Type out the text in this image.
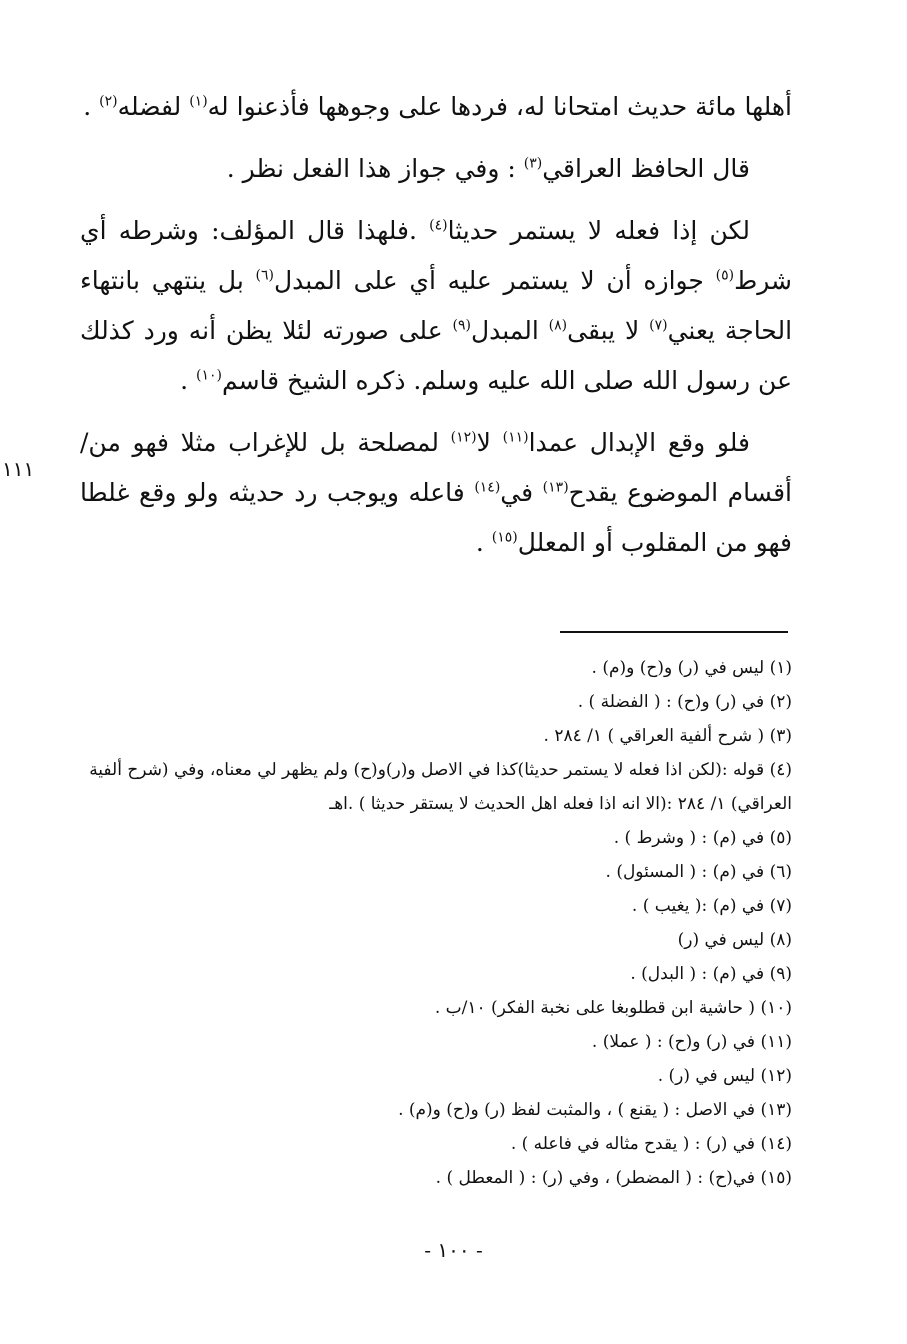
١١١

أهلها مائة حديث امتحانا له، فردها على وجوهها فأذعنوا له$^{(١)}$ لفضله$^{(٢)}$ .

قال الحافظ العراقي$^{(٣)}$ : وفي جواز هذا الفعل نظر .

لكن إذا فعله لا يستمر حديثا$^{(٤)}$ .فلهذا قال المؤلف: وشرطه أي شرط$^{(٥)}$ جوازه أن لا يستمر عليه أي على المبدل$^{(٦)}$ بل ينتهي بانتهاء الحاجة يعني$^{(٧)}$ لا يبقى$^{(٨)}$ المبدل$^{(٩)}$ على صورته لئلا يظن أنه ورد كذلك عن رسول الله صلى الله عليه وسلم. ذكره الشيخ قاسم$^{(١٠)}$ .

فلو وقع الإبدال عمدا$^{(١١)}$ لا$^{(١٢)}$ لمصلحة بل للإغراب مثلا فهو من/ أقسام الموضوع يقدح$^{(١٣)}$ في$^{(١٤)}$ فاعله ويوجب رد حديثه ولو وقع غلطا فهو من المقلوب أو المعلل$^{(١٥)}$ .

(١) ليس في (ر) و(ح) و(م) .
(٢) في (ر) و(ح) : ( الفضلة ) .
(٣) ( شرح ألفية العراقي ) ١/ ٢٨٤ .
(٤) قوله :(لكن اذا فعله لا يستمر حديثا)كذا في الاصل و(ر)و(ح) ولم يظهر لي معناه، وفي (شرح ألفية العراقي) ١/ ٢٨٤ :(الا انه اذا فعله اهل الحديث لا يستقر حديثا ) .اهـ
(٥) في (م) : ( وشرط ) .
(٦) في (م) : ( المسئول) .
(٧) في (م) :( يغيب ) .
(٨) ليس في (ر)
(٩) في (م) : ( البدل) .
(١٠) ( حاشية ابن قطلوبغا على نخبة الفكر) ١٠/ب .
(١١) في (ر) و(ح) : ( عملا) .
(١٢) ليس في (ر) .
(١٣) في الاصل : ( يقنع ) ، والمثبت لفظ (ر) و(ح) و(م) .
(١٤) في (ر) : ( يقدح مثاله في فاعله ) .
(١٥) في(ح) : ( المضطر) ، وفي (ر) : ( المعطل ) .
- ١٠٠ -
